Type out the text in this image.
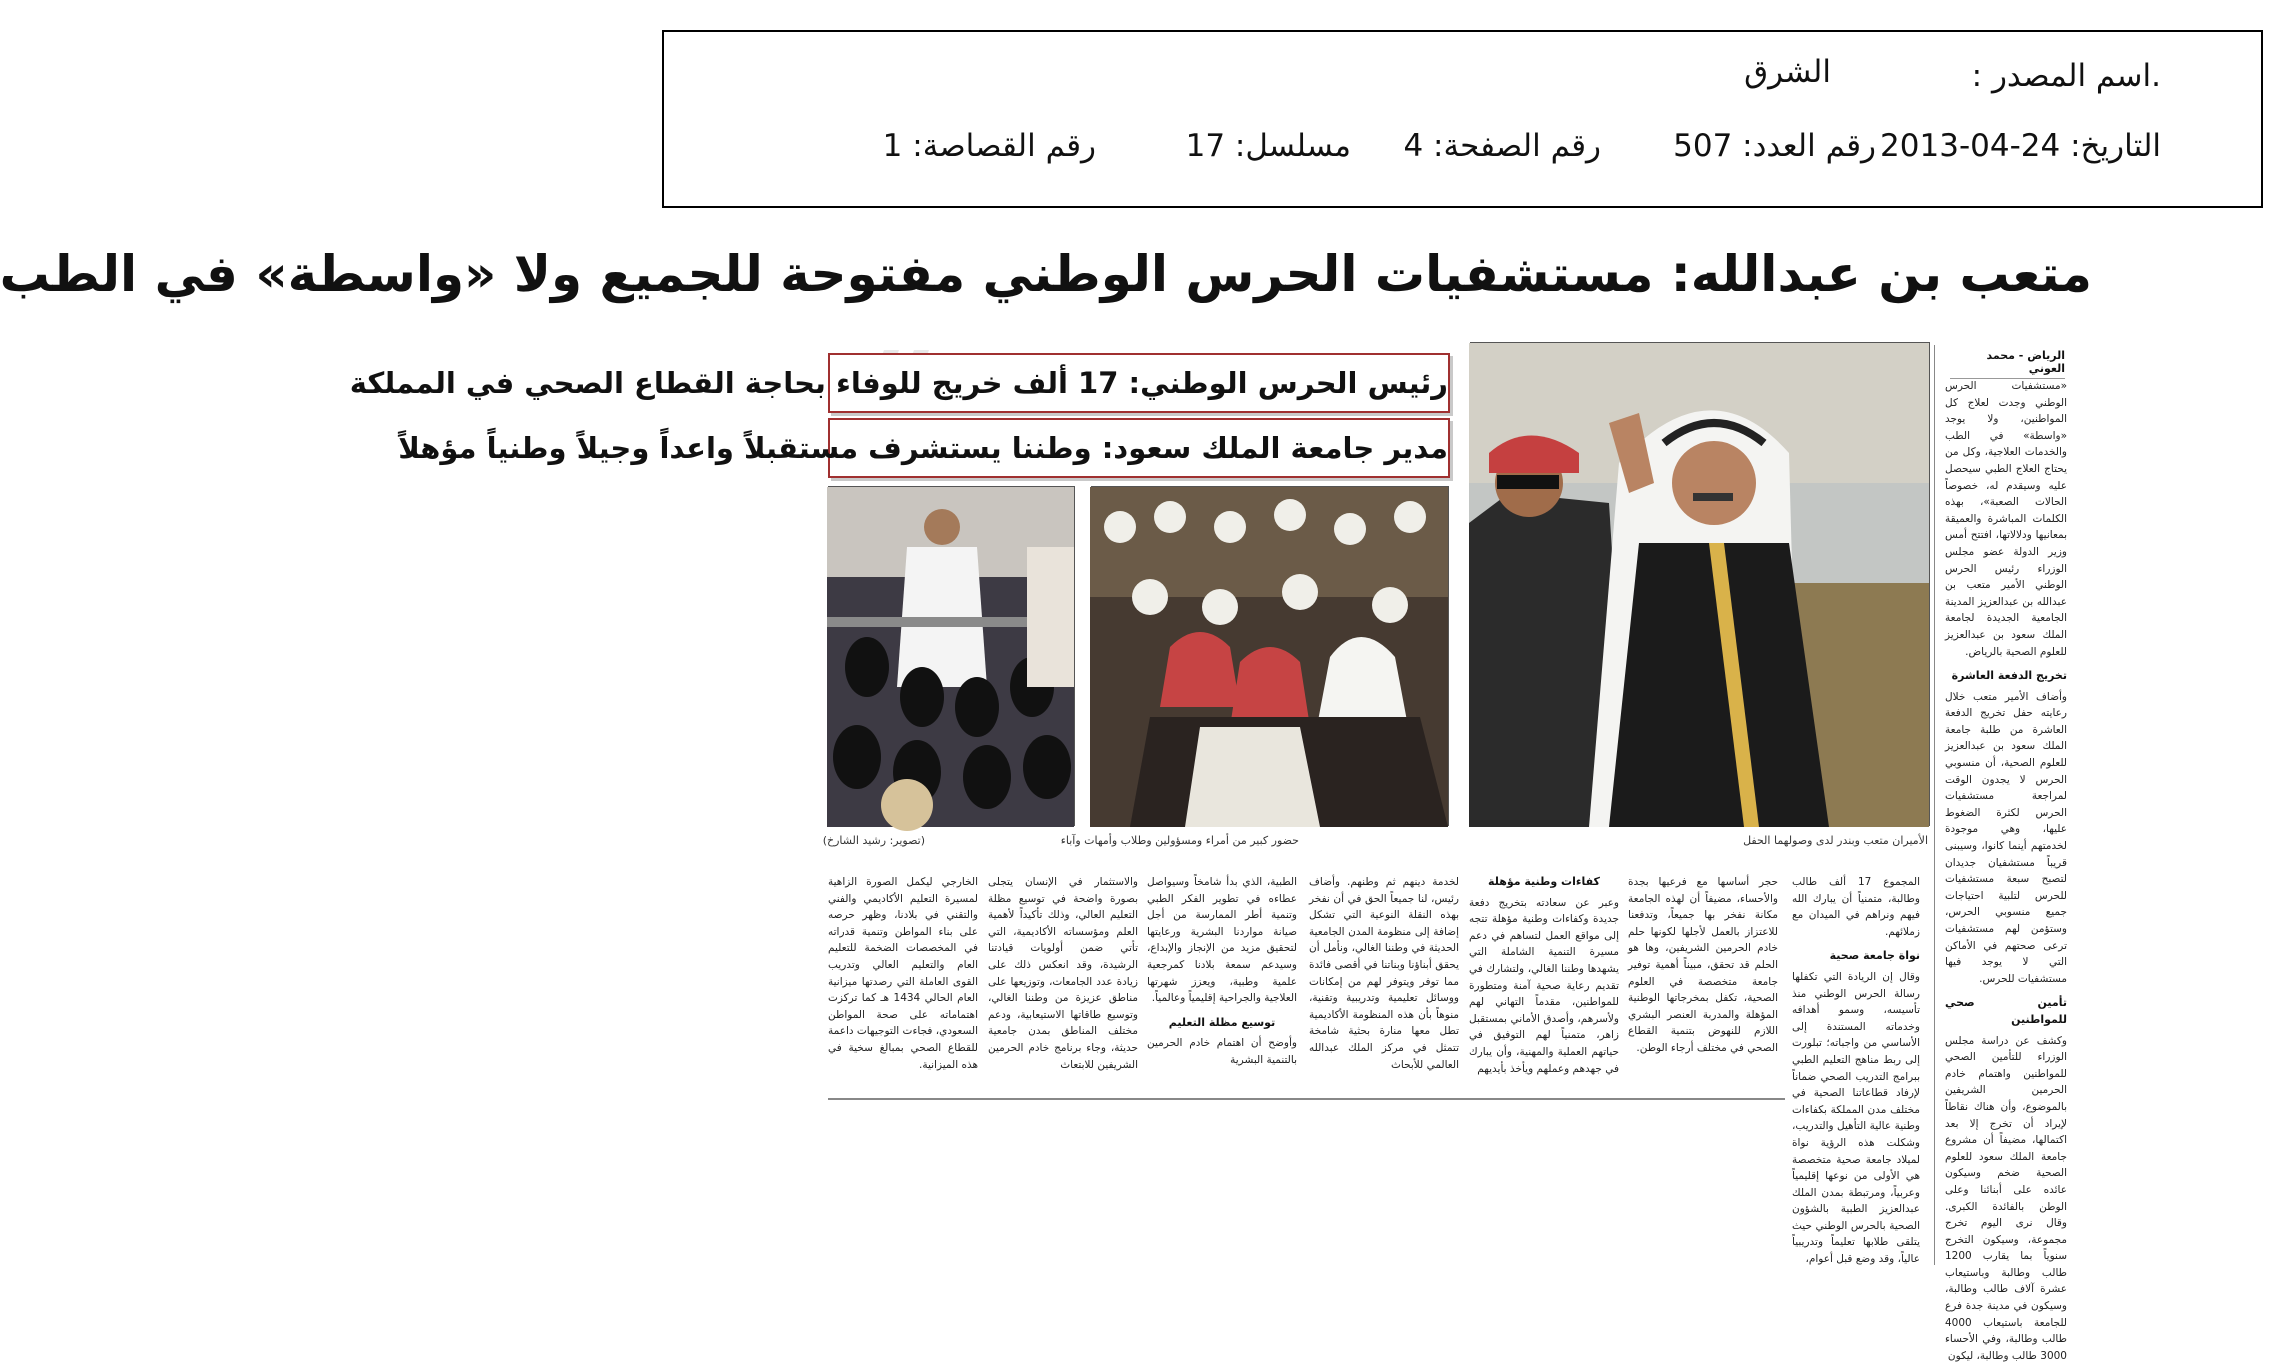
.اسم المصدر :
الشرق
التاريخ: 24-04-2013
رقم العدد: 507
رقم الصفحة: 4
مسلسل: 17
رقم القصاصة: 1
متعب بن عبدالله: مستشفيات الحرس الوطني مفتوحة للجميع ولا «واسطة» في الطب
رئيس الحرس الوطني: 17 ألف خريج للوفاء بحاجة القطاع الصحي في المملكة
مدير جامعة الملك سعود: وطننا يستشرف مستقبلاً واعداً وجيلاً وطنياً مؤهلاً
الأميران متعب وبندر لدى وصولهما الحفل
حضور كبير من أمراء ومسؤولين وطلاب وأمهات وآباء
(تصوير: رشيد الشارخ)
الرياض - محمد العوني
«مستشفيات الحرس الوطني وجدت لعلاج كل المواطنين، ولا يوجد «واسطة» في الطب والخدمات العلاجية، وكل من يحتاج العلاج الطبي سيحصل عليه وسيقدم له، خصوصاً الحالات الصعبة»، بهذه الكلمات المباشرة والعميقة بمعانيها ودلالاتها، افتتح أمس وزير الدولة عضو مجلس الوزراء رئيس الحرس الوطني الأمير متعب بن عبدالله بن عبدالعزيز المدينة الجامعية الجديدة لجامعة الملك سعود بن عبدالعزيز للعلوم الصحية بالرياض.
تخريج الدفعة العاشرة
وأضاف الأمير متعب خلال رعايته حفل تخريج الدفعة العاشرة من طلبة جامعة الملك سعود بن عبدالعزيز للعلوم الصحية، أن منسوبي الحرس لا يجدون الوقت لمراجعة مستشفيات الحرس لكثرة الضغوط عليها، وهي موجودة لخدمتهم أينما كانوا، وسيبنى قريباً مستشفيان جديدان لتصبح سبعة مستشفيات للحرس لتلبية احتياجات جميع منسوبي الحرس، وستؤمن لهم مستشفيات ترعى صحتهم في الأماكن التي لا يوجد فيها مستشفيات للحرس.
تأمين صحي للمواطنين
وكشف عن دراسة مجلس الوزراء للتأمين الصحي للمواطنين واهتمام خادم الحرمين الشريفين بالموضوع، وأن هناك نقاطاً لإيراد أن تخرج إلا بعد اكتمالها، مضيفاً أن مشروع جامعة الملك سعود للعلوم الصحية ضخم وسيكون عائده على أبنائنا وعلى الوطن بالفائدة الكبرى. وقال نرى اليوم تخرج مجموعة، وسيكون التخرج سنوياً بما يقارب 1200 طالب وطالبة وباستيعاب عشرة آلاف طالب وطالبة، وسيكون في مدينة جدة فرع للجامعة باستيعاب 4000 طالب وطالبة، وفي الأحساء 3000 طالب وطالبة، ليكون
المجموع 17 ألف طالب وطالبة، متمنياً أن يبارك الله فيهم ونراهم في الميدان مع زملائهم.
نواة جامعة صحية
وقال إن الريادة التي تكفلها رسالة الحرس الوطني منذ تأسيسه، وسمو أهدافه وخدماته المستندة إلى الأساسي من واجباته؛ تبلورت إلى ربط مناهج التعليم الطبي ببرامج التدريب الصحي ضماناً لإرفاد قطاعاتنا الصحية في مختلف مدن المملكة بكفاءات وطنية عالية التأهيل والتدريب، وشكلت هذه الرؤية نواة لميلاد جامعة صحية متخصصة هي الأولى من نوعها إقليمياً وعربياً، ومرتبطة بمدن الملك عبدالعزيز الطبية بالشؤون الصحية بالحرس الوطني حيث يتلقى طلابها تعليماً وتدريبياً عالياً، وقد وضع قبل أعوام،
حجر أساسها مع فرعيها بجدة والأحساء، مضيفاً أن لهذه الجامعة مكانة نفخر بها جميعاً، وتدفعنا للاعتزاز بالعمل لأجلها لكونها حلم خادم الحرمين الشريفين، وها هو الحلم قد تحقق، مبيناً أهمية توفير جامعة متخصصة في العلوم الصحية، تكفل بمخرجاتها الوطنية المؤهلة والمدربة العنصر البشري اللازم للنهوض بتنمية القطاع الصحي في مختلف أرجاء الوطن.
كفاءات وطنية مؤهلة
وعبر عن سعادته بتخريج دفعة جديدة وكفاءات وطنية مؤهلة تتجه إلى مواقع العمل لتساهم في دعم مسيرة التنمية الشاملة التي يشهدها وطننا الغالي، ولتشارك في تقديم رعاية صحية آمنة ومتطورة للمواطنين، مقدماً التهاني لهم ولأسرهم، وأصدق الأماني بمستقبل زاهر، متمنياً لهم التوفيق في حياتهم العملية والمهنية، وأن يبارك في جهدهم وعملهم ويأخذ بأيديهم
لخدمة دينهم ثم وطنهم. وأضاف رئيس، لنا جميعاً الحق في أن نفخر بهذه النقلة النوعية التي تشكل إضافة إلى منظومة المدن الجامعية الحديثة في وطننا الغالي، ونأمل أن يحقق أبناؤنا وبناتنا في أقصى فائدة مما توفر ويتوفر لهم من إمكانات ووسائل تعليمية وتدريبية وتقنية، منوهاً بأن هذه المنظومة الأكاديمية تطل معها منارة بحثية شامخة تتمثل في مركز الملك عبدالله العالمي للأبحاث
الطبية، الذي بدأ شامخاً وسيواصل عطاءه في تطوير الفكر الطبي وتنمية أطر الممارسة من أجل صيانة مواردنا البشرية ورعايتها لتحقيق مزيد من الإنجاز والإبداع، وسيدعم سمعة بلادنا كمرجعية علمية وطبية، ويعزز شهرتها العلاجية والجراحية إقليمياً وعالمياً.
توسيع مظلة التعليم
وأوضح أن اهتمام خادم الحرمين بالتنمية البشرية
والاستثمار في الإنسان يتجلى بصورة واضحة في توسيع مظلة التعليم العالي، وذلك تأكيداً لأهمية العلم ومؤسساته الأكاديمية، التي تأتي ضمن أولويات قيادتنا الرشيدة، وقد انعكس ذلك على زيادة عدد الجامعات، وتوزيعها على مناطق عزيزة من وطننا الغالي، وتوسيع طاقاتها الاستيعابية، ودعم مختلف المناطق بمدن جامعية حديثة، وجاء برنامج خادم الحرمين الشريفين للابتعاث
الخارجي ليكمل الصورة الزاهية لمسيرة التعليم الأكاديمي والفني والتقني في بلادنا، وظهر حرصه على بناء المواطن وتنمية قدراته في المخصصات الضخمة للتعليم العام والتعليم العالي وتدريب القوى العاملة التي رصدتها ميزانية العام الحالي 1434 هـ كما تركزت اهتماماته على صحة المواطن السعودي، فجاءت التوجيهات داعمة للقطاع الصحي بمبالغ سخية في هذه الميزانية.
